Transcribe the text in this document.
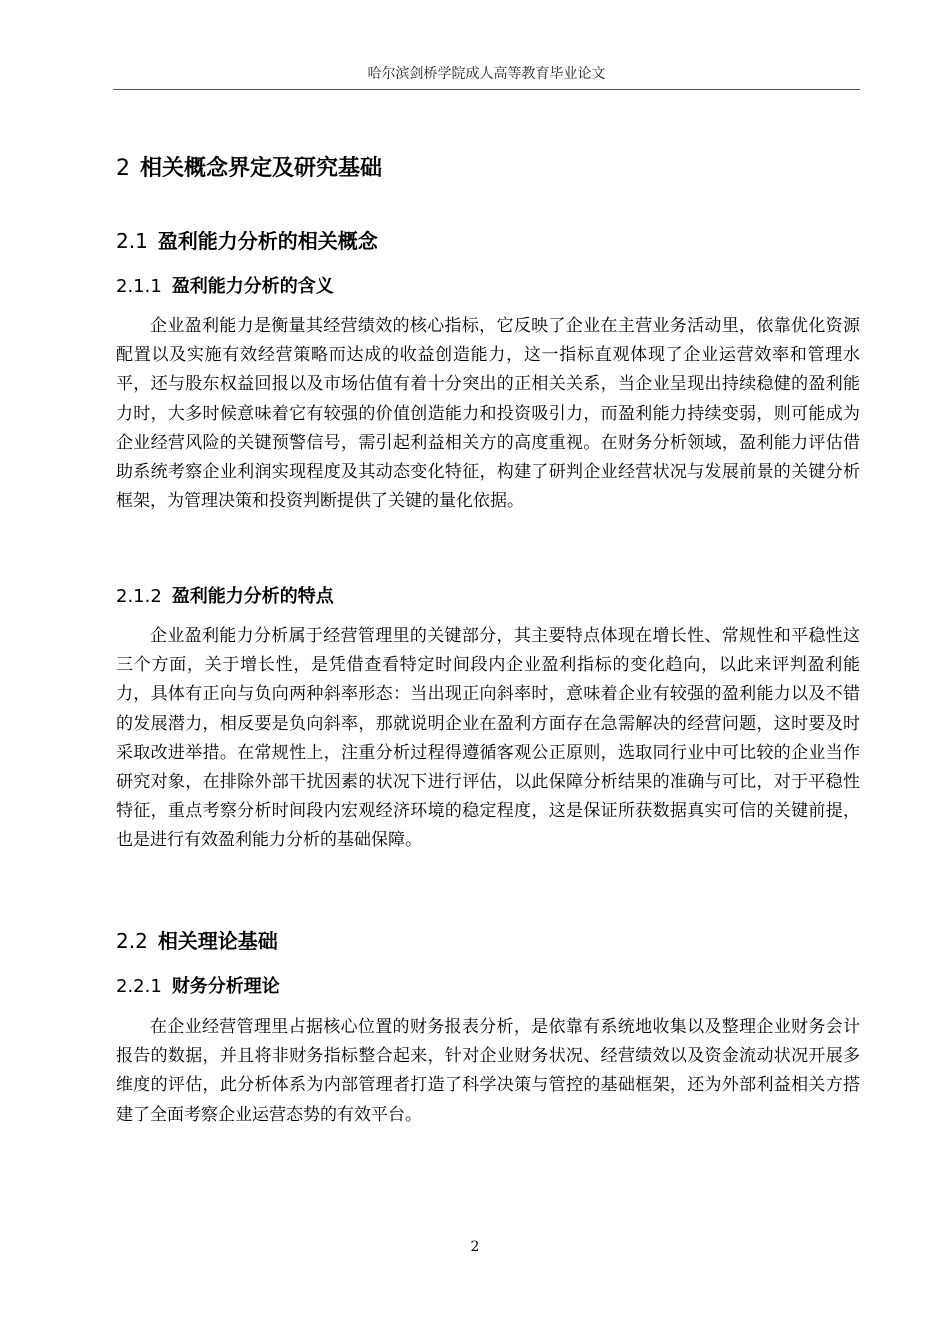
哈尔滨剑桥学院成人高等教育毕业论文
2 相关概念界定及研究基础
2.1 盈利能力分析的相关概念
2.1.1 盈利能力分析的含义

企业盈利能力是衡量其经营绩效的核心指标，它反映了企业在主营业务活动里，依靠优化资源配置以及实施有效经营策略而达成的收益创造能力，这一指标直观体现了企业运营效率和管理水平，还与股东权益回报以及市场估值有着十分突出的正相关关系，当企业呈现出持续稳健的盈利能力时，大多时候意味着它有较强的价值创造能力和投资吸引力，而盈利能力持续变弱，则可能成为企业经营风险的关键预警信号，需引起利益相关方的高度重视。在财务分析领域，盈利能力评估借助系统考察企业利润实现程度及其动态变化特征，构建了研判企业经营状况与发展前景的关键分析框架，为管理决策和投资判断提供了关键的量化依据。

2.1.2 盈利能力分析的特点

企业盈利能力分析属于经营管理里的关键部分，其主要特点体现在增长性、常规性和平稳性这三个方面，关于增长性，是凭借查看特定时间段内企业盈利指标的变化趋向，以此来评判盈利能力，具体有正向与负向两种斜率形态：当出现正向斜率时，意味着企业有较强的盈利能力以及不错的发展潜力，相反要是负向斜率，那就说明企业在盈利方面存在急需解决的经营问题，这时要及时采取改进举措。在常规性上，注重分析过程得遵循客观公正原则，选取同行业中可比较的企业当作研究对象，在排除外部干扰因素的状况下进行评估，以此保障分析结果的准确与可比，对于平稳性特征，重点考察分析时间段内宏观经济环境的稳定程度，这是保证所获数据真实可信的关键前提，也是进行有效盈利能力分析的基础保障。

2.2 相关理论基础
2.2.1 财务分析理论

在企业经营管理里占据核心位置的财务报表分析，是依靠有系统地收集以及整理企业财务会计报告的数据，并且将非财务指标整合起来，针对企业财务状况、经营绩效以及资金流动状况开展多维度的评估，此分析体系为内部管理者打造了科学决策与管控的基础框架，还为外部利益相关方搭建了全面考察企业运营态势的有效平台。

2
